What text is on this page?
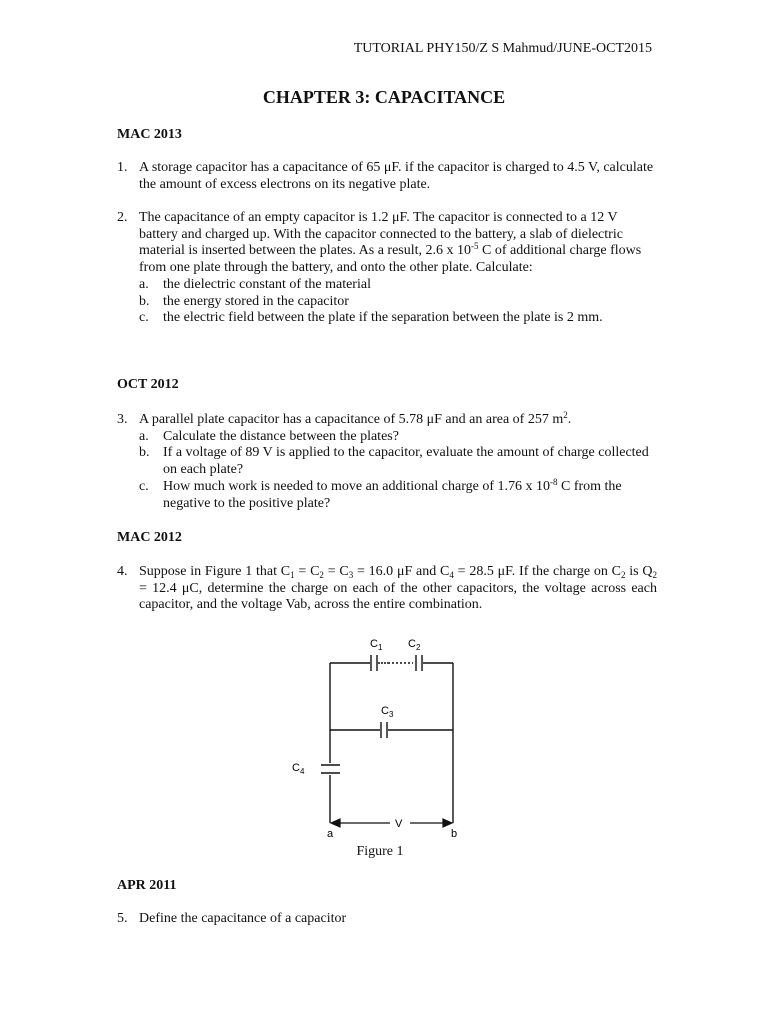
TUTORIAL PHY150/Z S Mahmud/JUNE-OCT2015
CHAPTER 3: CAPACITANCE
MAC 2013
1. A storage capacitor has a capacitance of 65 μF. if the capacitor is charged to 4.5 V, calculate the amount of excess electrons on its negative plate.
2. The capacitance of an empty capacitor is 1.2 μF. The capacitor is connected to a 12 V battery and charged up. With the capacitor connected to the battery, a slab of dielectric material is inserted between the plates. As a result, 2.6 x $10^{-5}$ C of additional charge flows from one plate through the battery, and onto the other plate. Calculate:
a. the dielectric constant of the material
b. the energy stored in the capacitor
c. the electric field between the plate if the separation between the plate is 2 mm.
OCT 2012
3. A parallel plate capacitor has a capacitance of 5.78 μF and an area of 257 $m^2$.
a. Calculate the distance between the plates?
b. If a voltage of 89 V is applied to the capacitor, evaluate the amount of charge collected on each plate?
c. How much work is needed to move an additional charge of 1.76 x $10^{-8}$ C from the negative to the positive plate?
MAC 2012
4. Suppose in Figure 1 that $C_1 = C_2 = C_3 = 16.0$ μF and $C_4 = 28.5$ μF. If the charge on $C_2$ is $Q_2 = 12.4$ μC, determine the charge on each of the other capacitors, the voltage across each capacitor, and the voltage Vab, across the entire combination.
$C_1$ $C_2$
$C_3$
$C_4$
V
a	b
Figure 1
APR 2011
5. Define the capacitance of a capacitor
